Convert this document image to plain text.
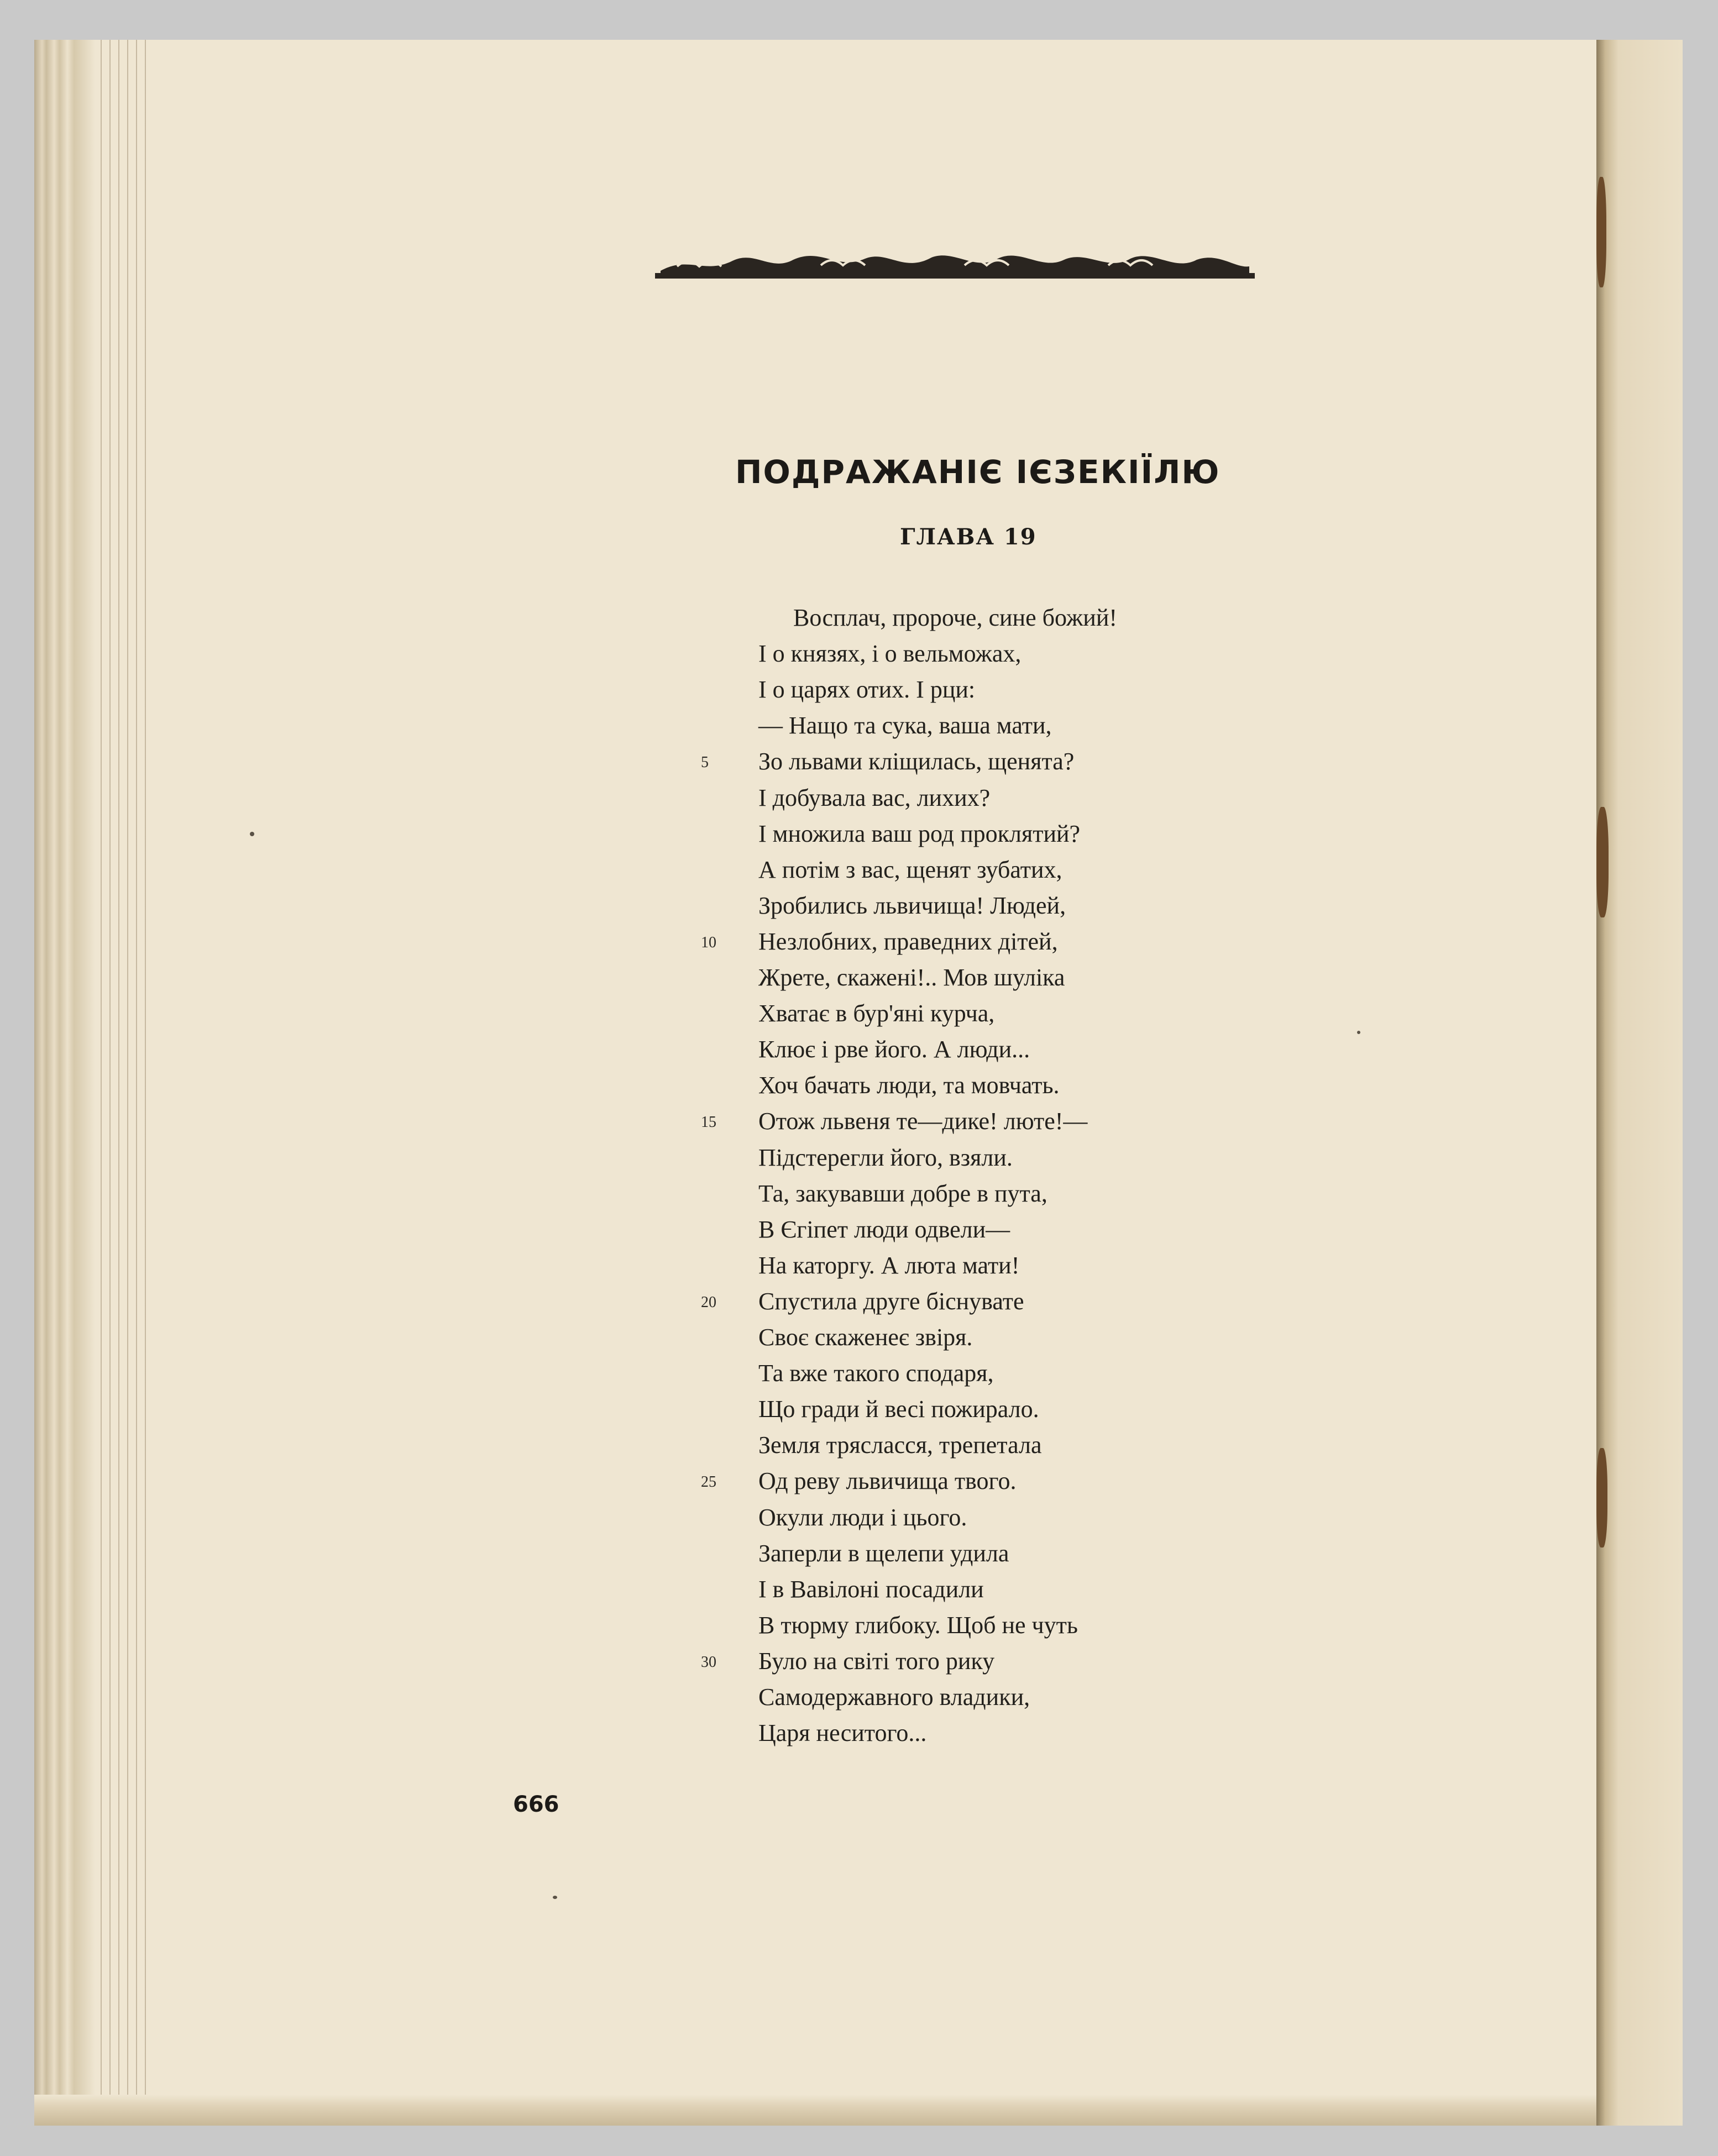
ПОДРАЖАНІЄ ІЄЗЕКІЇЛЮ
ГЛАВА 19
Восплач, пророче, сине божий!
І о князях, і о вельможах,
І о царях отих. І рци:
— Нащо та сука, ваша мати,
Зо львами кліщилась, щенята?
5
І добувала вас, лихих?
І множила ваш род проклятий?
А потім з вас, щенят зубатих,
Зробились львичища! Людей,
Незлобних, праведних дітей,
10
Жрете, скажені!.. Мов шуліка
Хватає в бур'яні курча,
Клює і рве його. А люди...
Хоч бачать люди, та мовчать.
Отож львеня те—дике! люте!—
15
Підстерегли його, взяли.
Та, закувавши добре в пута,
В Єгіпет люди одвели—
На каторгу. А люта мати!
Спустила друге біснувате
20
Своє скаженеє звіря.
Та вже такого сподаря,
Що гради й весі пожирало.
Земля трясласся, трепетала
Од реву львичища твого.
25
Окули люди і цього.
Заперли в щелепи удила
І в Вавілоні посадили
В тюрму глибоку. Щоб не чуть
Було на світі того рику
30
Самодержавного владики,
Царя неситого...
666
